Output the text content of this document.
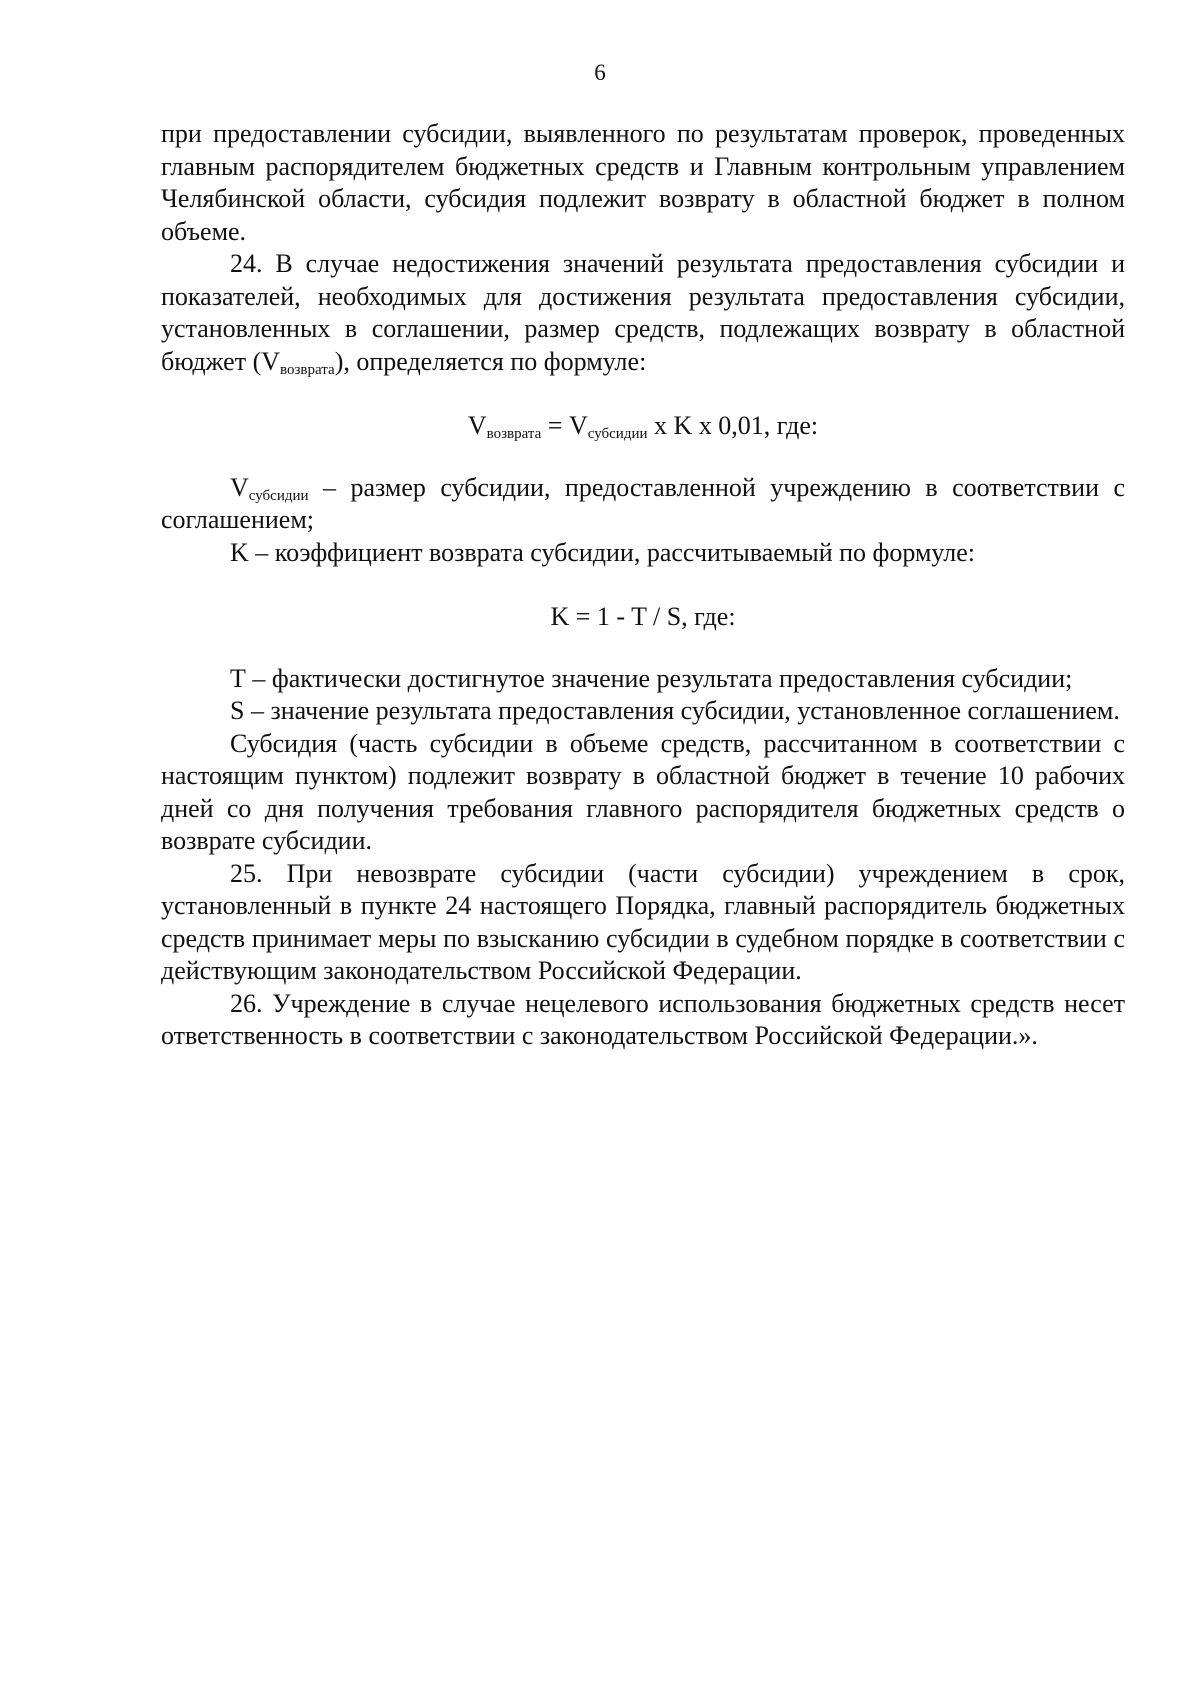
6

при предоставлении субсидии, выявленного по результатам проверок, проведенных главным распорядителем бюджетных средств и Главным контрольным управлением Челябинской области, субсидия подлежит возврату в областной бюджет в полном объеме.

24. В случае недостижения значений результата предоставления субсидии и показателей, необходимых для достижения результата предоставления субсидии, установленных в соглашении, размер средств, подлежащих возврату в областной бюджет (Vвозврата), определяется по формуле:

$V_{возврата} = V_{субсидии}$ x K x 0,01, где:

Vсубсидии – размер субсидии, предоставленной учреждению в соответствии с соглашением;

K – коэффициент возврата субсидии, рассчитываемый по формуле:

K = 1 - T / S, где:

Т – фактически достигнутое значение результата предоставления субсидии;

S – значение результата предоставления субсидии, установленное соглашением.

Субсидия (часть субсидии в объеме средств, рассчитанном в соответствии с настоящим пунктом) подлежит возврату в областной бюджет в течение 10 рабочих дней со дня получения требования главного распорядителя бюджетных средств о возврате субсидии.

25. При невозврате субсидии (части субсидии) учреждением в срок, установленный в пункте 24 настоящего Порядка, главный распорядитель бюджетных средств принимает меры по взысканию субсидии в судебном порядке в соответствии с действующим законодательством Российской Федерации.

26. Учреждение в случае нецелевого использования бюджетных средств несет ответственность в соответствии с законодательством Российской Федерации.».
